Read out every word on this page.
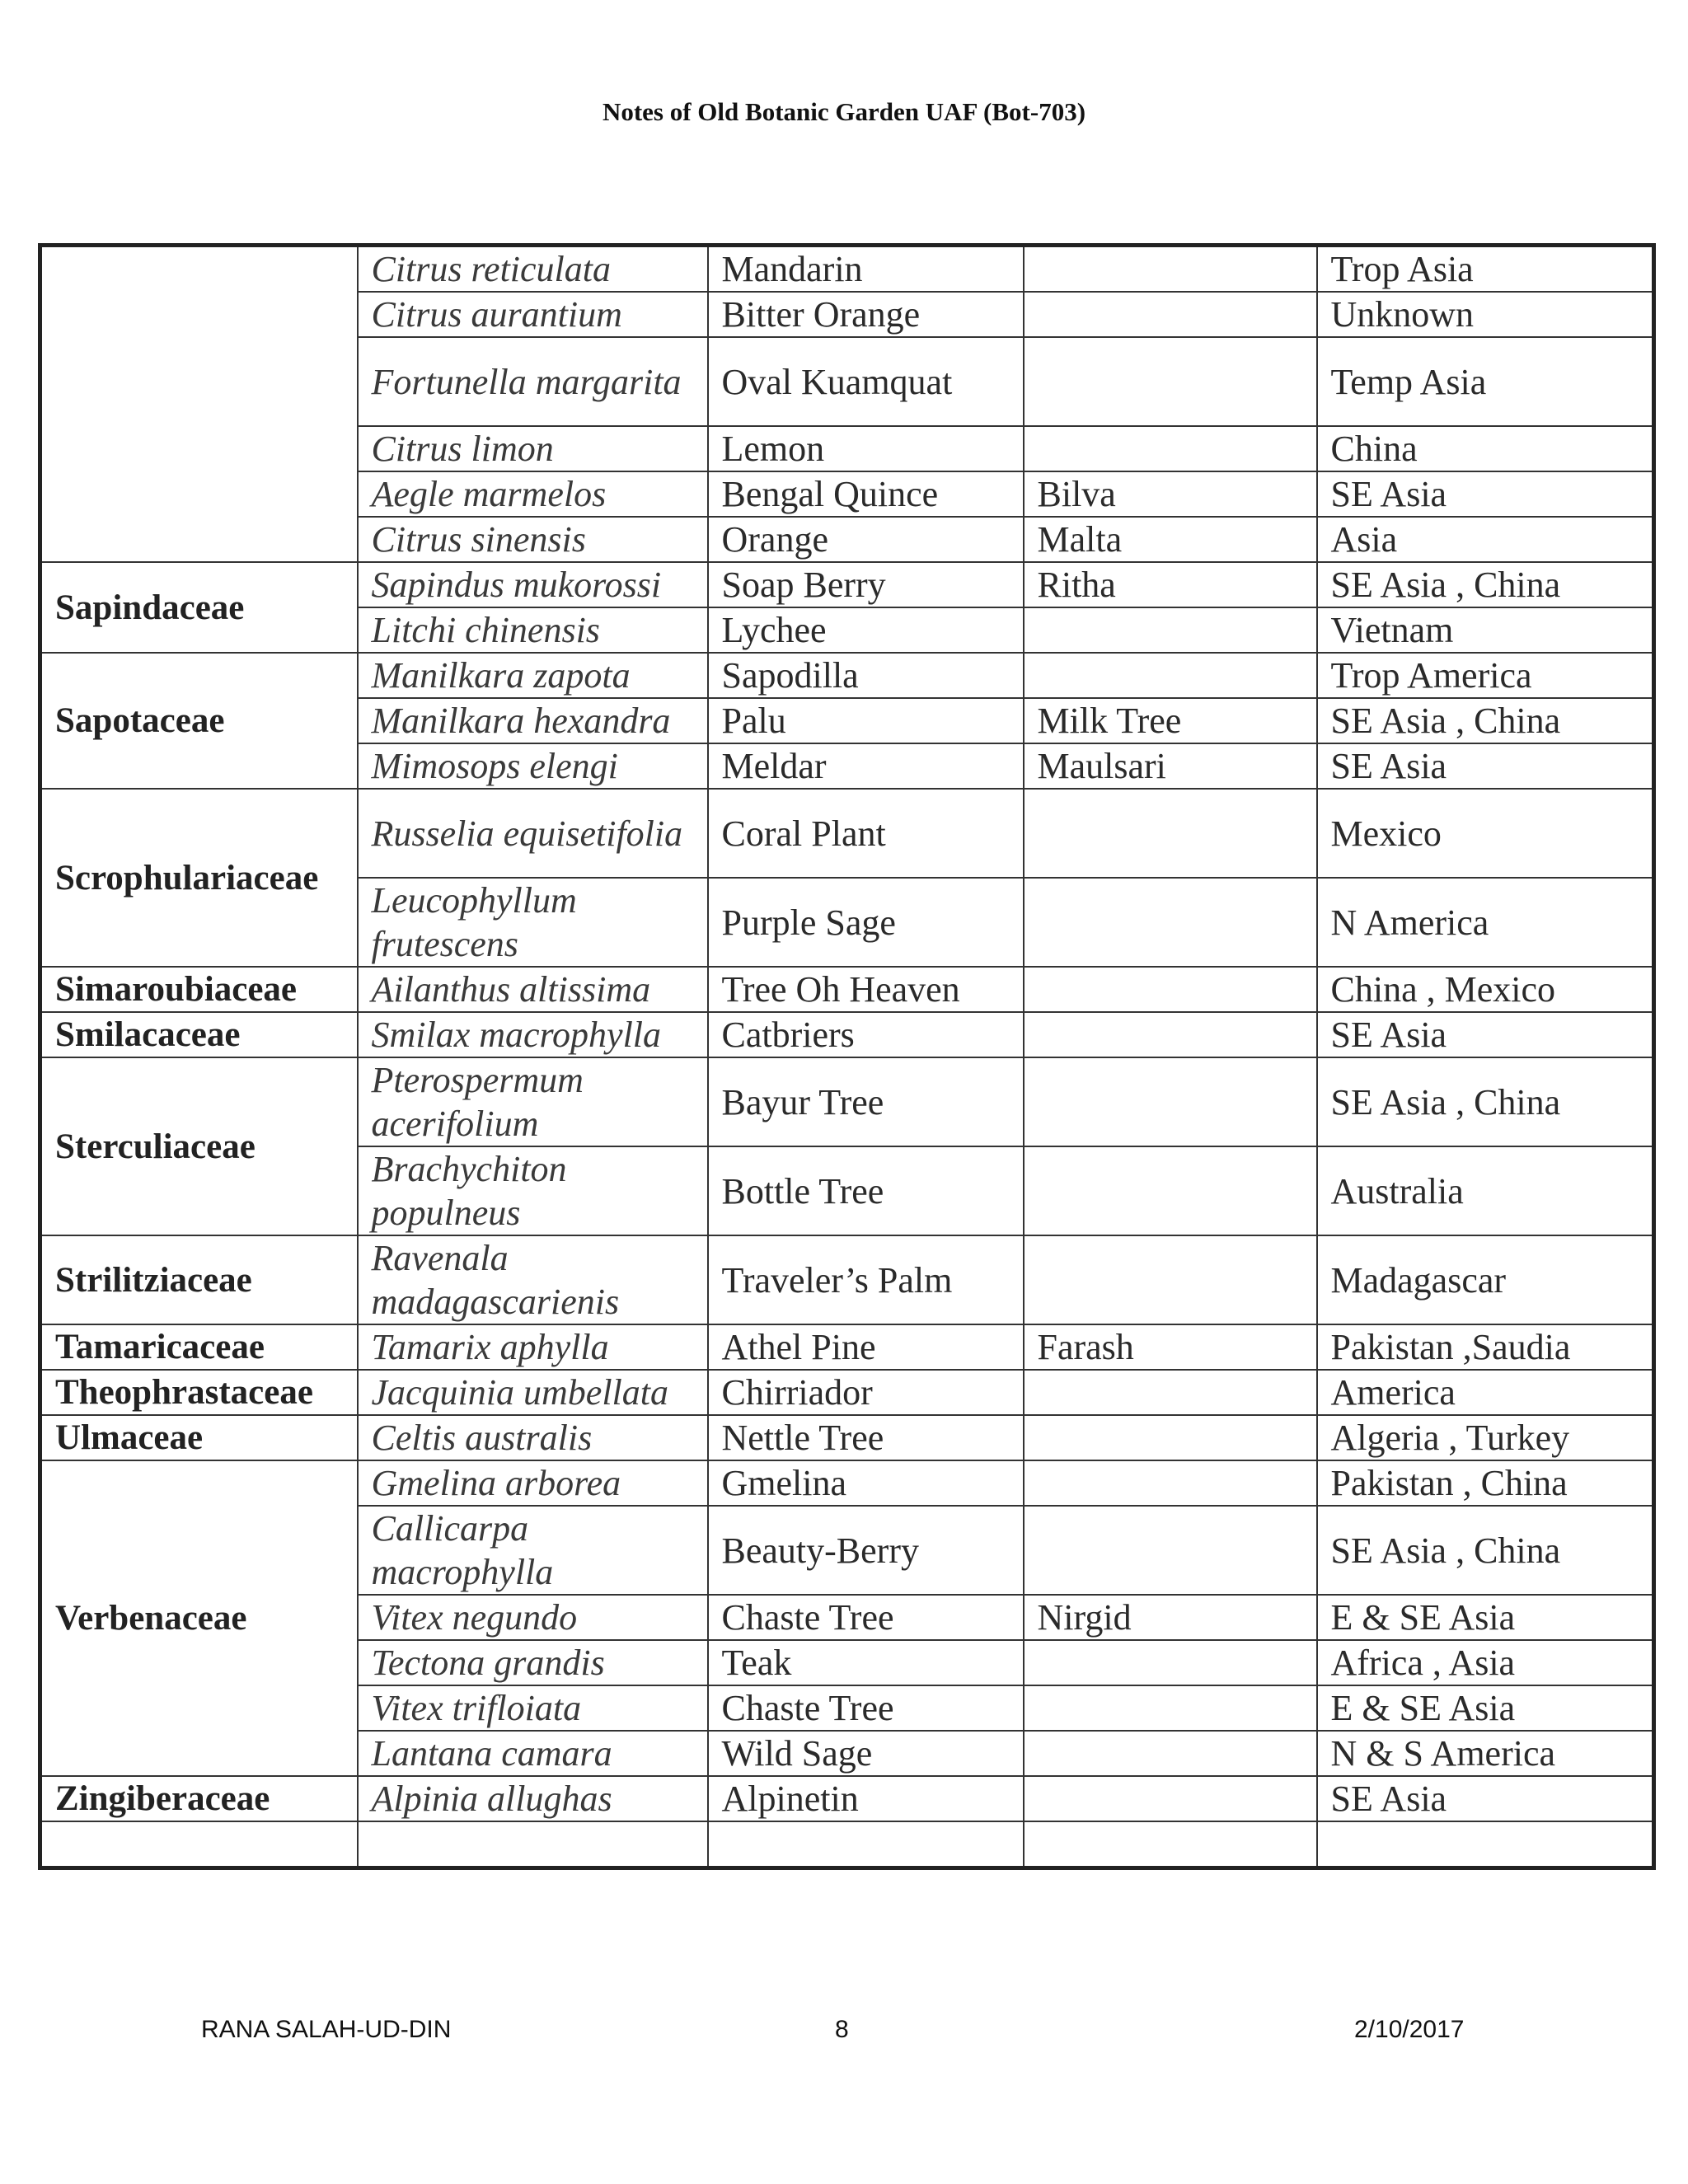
Notes of Old Botanic Garden UAF (Bot-703)
	Citrus reticulata	Mandarin		Trop Asia
	Citrus aurantium	Bitter Orange		Unknown
	Fortunella margarita	Oval Kuamquat		Temp Asia
	Citrus limon	Lemon		China
	Aegle marmelos	Bengal Quince	Bilva	SE Asia
	Citrus sinensis	Orange	Malta	Asia
Sapindaceae	Sapindus mukorossi	Soap Berry	Ritha	SE Asia , China
	Litchi chinensis	Lychee		Vietnam
Sapotaceae	Manilkara zapota	Sapodilla		Trop America
	Manilkara hexandra	Palu	Milk Tree	SE Asia , China
	Mimosops elengi	Meldar	Maulsari	SE Asia
Scrophulariaceae	Russelia equisetifolia	Coral Plant		Mexico
	Leucophyllum frutescens	Purple Sage		N America
Simaroubiaceae	Ailanthus altissima	Tree Oh Heaven		China , Mexico
Smilacaceae	Smilax macrophylla	Catbriers		SE Asia
Sterculiaceae	Pterospermum acerifolium	Bayur Tree		SE Asia , China
	Brachychiton populneus	Bottle Tree		Australia
Strilitziaceae	Ravenala madagascarienis	Traveler’s Palm		Madagascar
Tamaricaceae	Tamarix aphylla	Athel Pine	Farash	Pakistan ,Saudia
Theophrastaceae	Jacquinia umbellata	Chirriador		America
Ulmaceae	Celtis australis	Nettle Tree		Algeria , Turkey
Verbenaceae	Gmelina arborea	Gmelina		Pakistan , China
	Callicarpa macrophylla	Beauty-Berry		SE Asia , China
	Vitex negundo	Chaste Tree	Nirgid	E & SE Asia
	Tectona grandis	Teak		Africa , Asia
	Vitex trifloiata	Chaste Tree		E & SE Asia
	Lantana camara	Wild Sage		N & S America
Zingiberaceae	Alpinia allughas	Alpinetin		SE Asia

RANA SALAH-UD-DIN	8	2/10/2017
